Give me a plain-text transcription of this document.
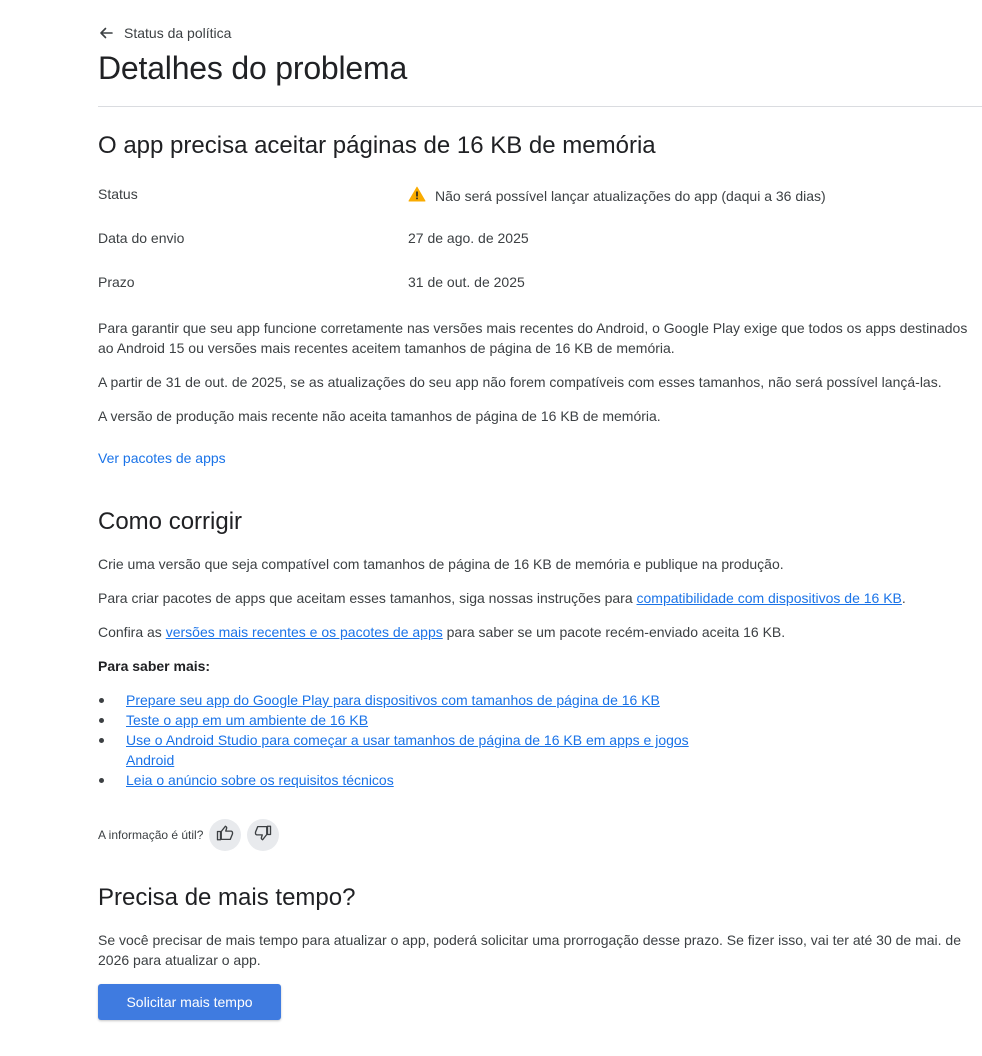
Status da política
Detalhes do problema
O app precisa aceitar páginas de 16 KB de memória
Status	Não será possível lançar atualizações do app (daqui a 36 dias)
Data do envio	27 de ago. de 2025
Prazo	31 de out. de 2025

Para garantir que seu app funcione corretamente nas versões mais recentes do Android, o Google Play exige que todos os apps destinados ao Android 15 ou versões mais recentes aceitem tamanhos de página de 16 KB de memória.

A partir de 31 de out. de 2025, se as atualizações do seu app não forem compatíveis com esses tamanhos, não será possível lançá-las.

A versão de produção mais recente não aceita tamanhos de página de 16 KB de memória.

Ver pacotes de apps
Como corrigir

Crie uma versão que seja compatível com tamanhos de página de 16 KB de memória e publique na produção.

Para criar pacotes de apps que aceitam esses tamanhos, siga nossas instruções para compatibilidade com dispositivos de 16 KB.

Confira as versões mais recentes e os pacotes de apps para saber se um pacote recém-enviado aceita 16 KB.

Para saber mais:
Prepare seu app do Google Play para dispositivos com tamanhos de página de 16 KB
Teste o app em um ambiente de 16 KB
Use o Android Studio para começar a usar tamanhos de página de 16 KB em apps e jogos Android
Leia o anúncio sobre os requisitos técnicos
A informação é útil?
Precisa de mais tempo?

Se você precisar de mais tempo para atualizar o app, poderá solicitar uma prorrogação desse prazo. Se fizer isso, vai ter até 30 de mai. de 2026 para atualizar o app.

Solicitar mais tempo
